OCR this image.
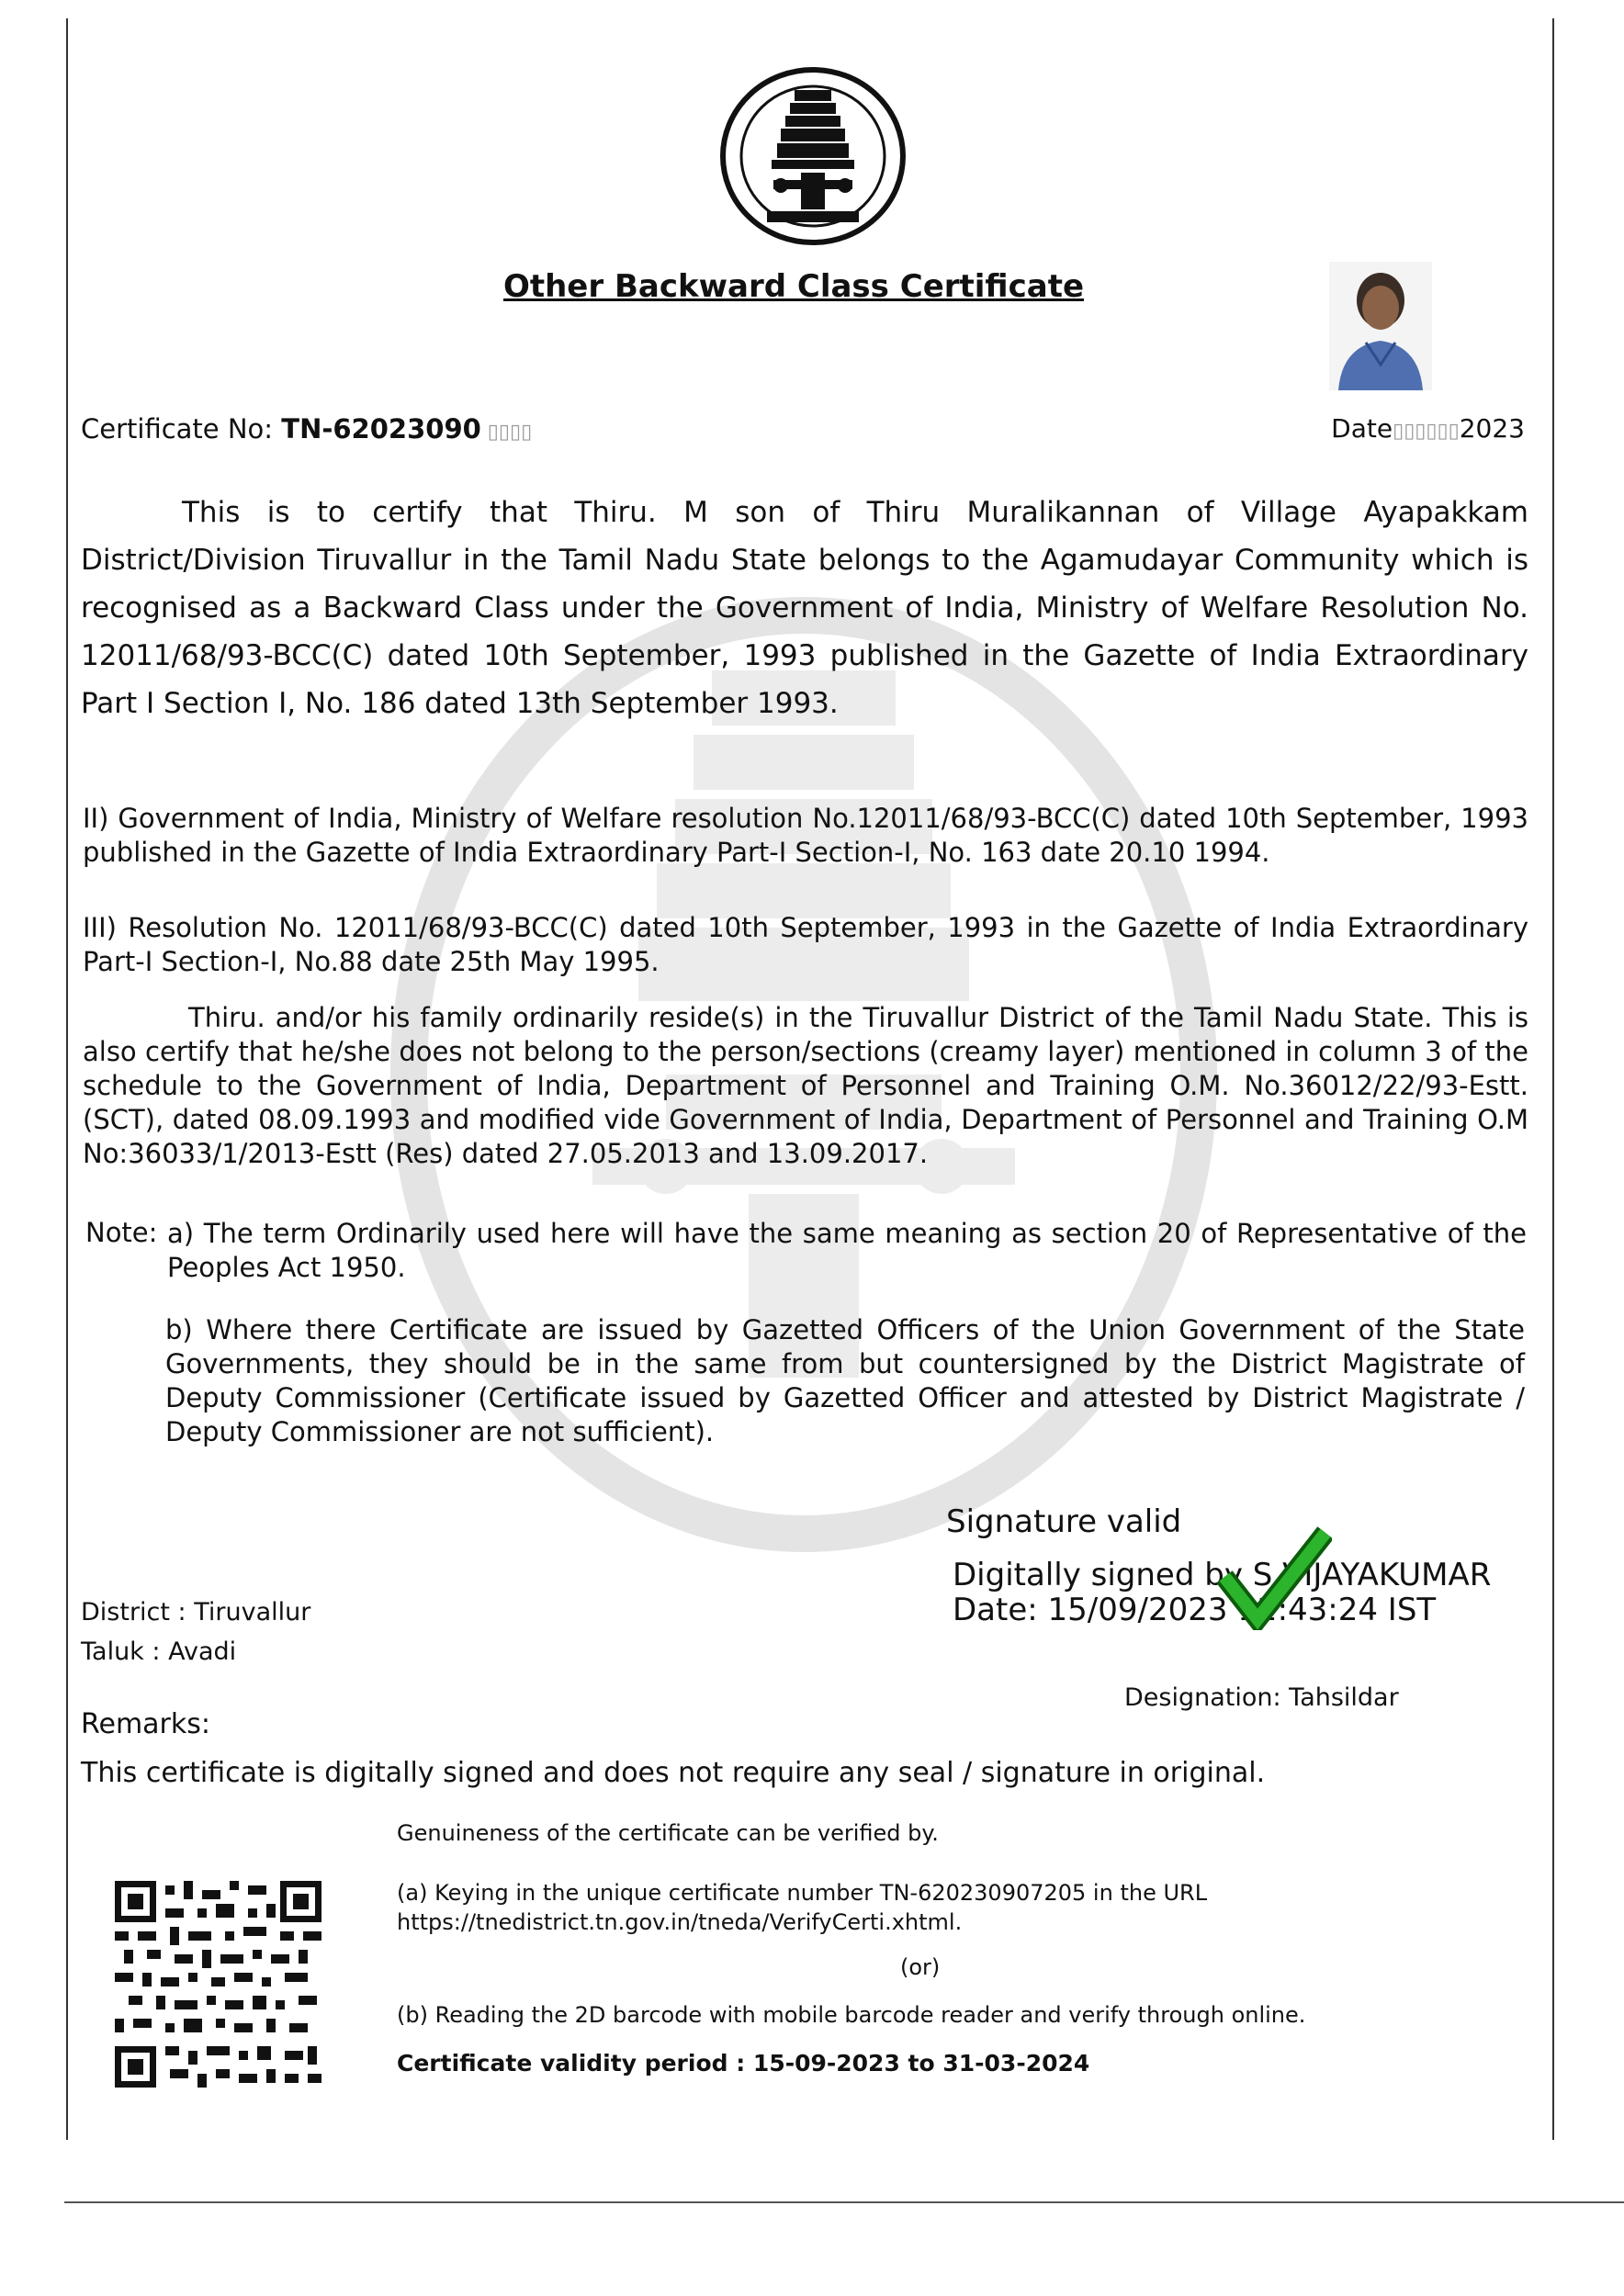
Other Backward Class Certificate
Certificate No: TN-62023090 ▯▯▯▯	Date▯▯▯▯▯▯2023
This is to certify that Thiru. M son of Thiru Muralikannan of Village Ayapakkam District/Division Tiruvallur in the Tamil Nadu State belongs to the Agamudayar Community which is recognised as a Backward Class under the Government of India, Ministry of Welfare Resolution No. 12011/68/93-BCC(C) dated 10th September, 1993 published in the Gazette of India Extraordinary Part I Section I, No. 186 dated 13th September 1993.
II) Government of India, Ministry of Welfare resolution No.12011/68/93-BCC(C) dated 10th September, 1993 published in the Gazette of India Extraordinary Part-I Section-I, No. 163 date 20.10 1994.
III) Resolution No. 12011/68/93-BCC(C) dated 10th September, 1993 in the Gazette of India Extraordinary Part-I Section-I, No.88 date 25th May 1995.
Thiru. and/or his family ordinarily reside(s) in the Tiruvallur District of the Tamil Nadu State. This is also certify that he/she does not belong to the person/sections (creamy layer) mentioned in column 3 of the schedule to the Government of India, Department of Personnel and Training O.M. No.36012/22/93-Estt.(SCT), dated 08.09.1993 and modified vide Government of India, Department of Personnel and Training O.M No:36033/1/2013-Estt (Res) dated 27.05.2013 and 13.09.2017.
Note: a) The term Ordinarily used here will have the same meaning as section 20 of Representative of the Peoples Act 1950.
b) Where there Certificate are issued by Gazetted Officers of the Union Government of the State Governments, they should be in the same from but countersigned by the District Magistrate of Deputy Commissioner (Certificate issued by Gazetted Officer and attested by District Magistrate / Deputy Commissioner are not sufficient).
Signature valid
Digitally signed by S VIJAYAKUMAR
Date: 15/09/2023 12:43:24 IST
District : Tiruvallur
Taluk : Avadi
Designation: Tahsildar
Remarks:
This certificate is digitally signed and does not require any seal / signature in original.
Genuineness of the certificate can be verified by.
(a) Keying in the unique certificate number TN-620230907205 in the URL https://tnedistrict.tn.gov.in/tneda/VerifyCerti.xhtml.
(or)
(b) Reading the 2D barcode with mobile barcode reader and verify through online.
Certificate validity period : 15-09-2023 to 31-03-2024
